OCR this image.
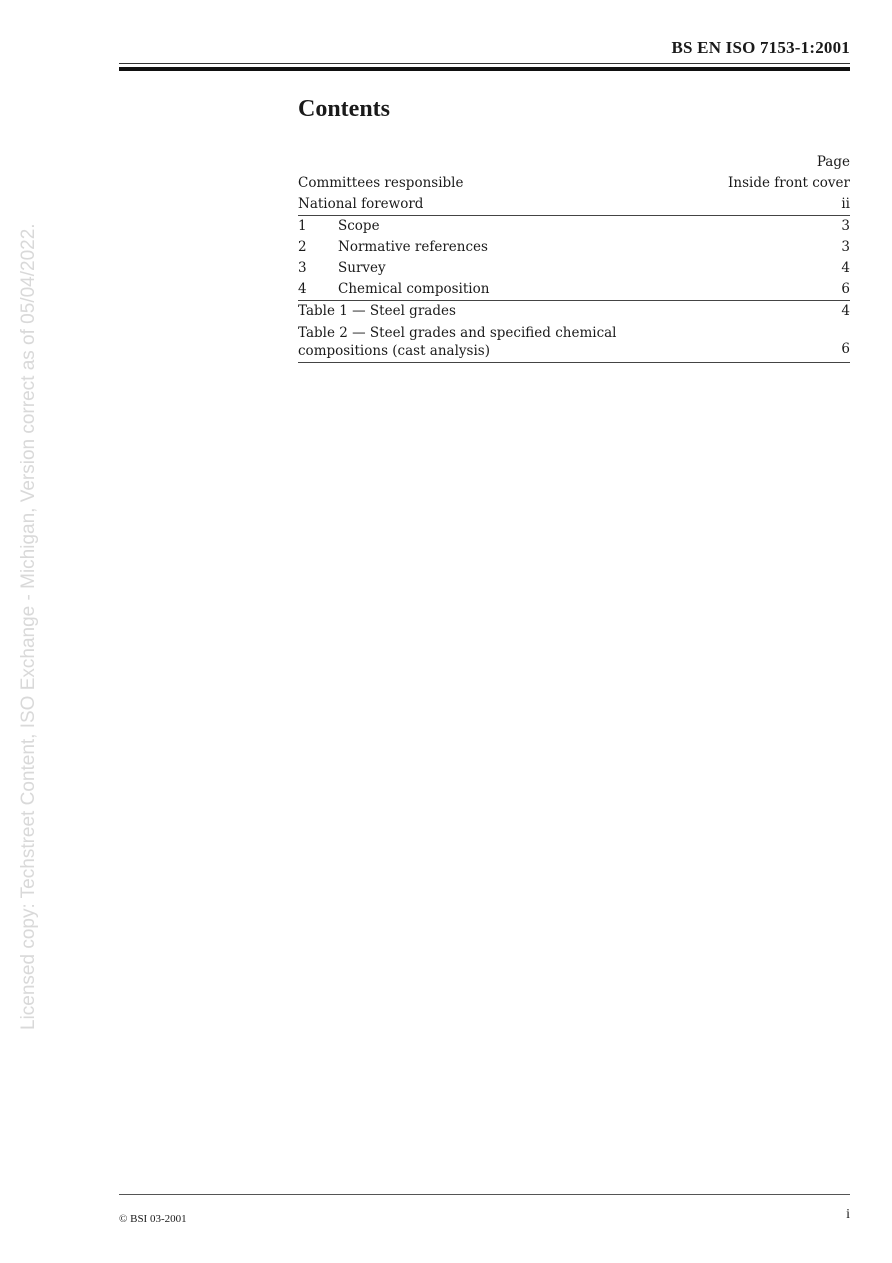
BS EN ISO 7153-1:2001
Contents
Page
Committees responsible	Inside front cover
National foreword	ii
1	Scope	3
2	Normative references	3
3	Survey	4
4	Chemical composition	6
Table 1 — Steel grades	4
Table 2 — Steel grades and specified chemical
compositions (cast analysis)	6
© BSI 03-2001	i
Licensed copy: Techstreet Content, ISO Exchange - Michigan, Version correct as of 05/04/2022.
